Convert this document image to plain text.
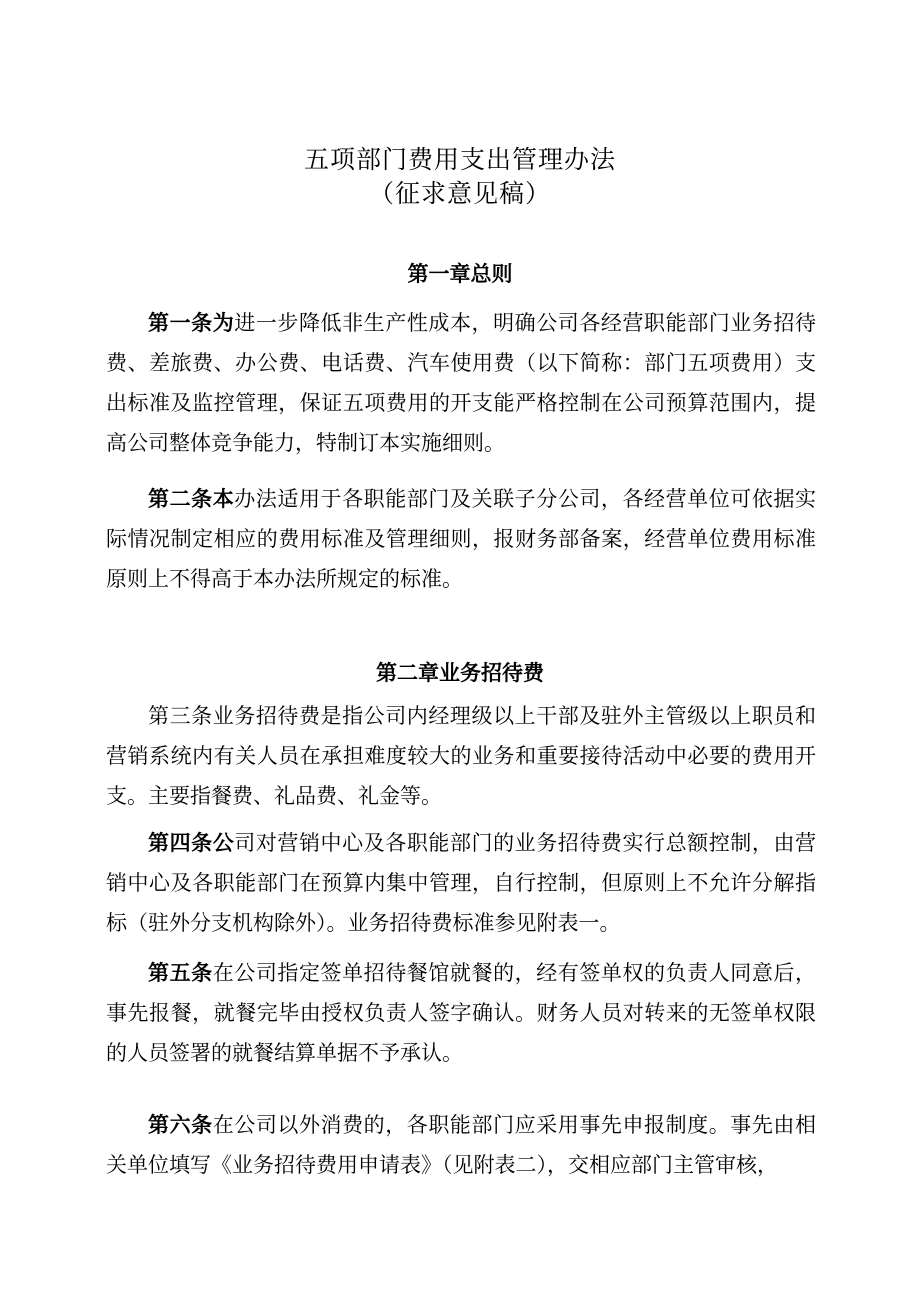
五项部门费用支出管理办法
（征求意见稿）
第一章总则

第一条为进一步降低非生产性成本，明确公司各经营职能部门业务招待费、差旅费、办公费、电话费、汽车使用费（以下简称：部门五项费用）支出标准及监控管理，保证五项费用的开支能严格控制在公司预算范围内，提高公司整体竞争能力，特制订本实施细则。

第二条本办法适用于各职能部门及关联子分公司，各经营单位可依据实际情况制定相应的费用标准及管理细则，报财务部备案，经营单位费用标准原则上不得高于本办法所规定的标准。

第二章业务招待费

第三条业务招待费是指公司内经理级以上干部及驻外主管级以上职员和营销系统内有关人员在承担难度较大的业务和重要接待活动中必要的费用开支。主要指餐费、礼品费、礼金等。

第四条公司对营销中心及各职能部门的业务招待费实行总额控制，由营销中心及各职能部门在预算内集中管理，自行控制，但原则上不允许分解指标（驻外分支机构除外）。业务招待费标准参见附表一。

第五条在公司指定签单招待餐馆就餐的，经有签单权的负责人同意后，事先报餐，就餐完毕由授权负责人签字确认。财务人员对转来的无签单权限的人员签署的就餐结算单据不予承认。

第六条在公司以外消费的，各职能部门应采用事先申报制度。事先由相关单位填写《业务招待费用申请表》（见附表二），交相应部门主管审核，
